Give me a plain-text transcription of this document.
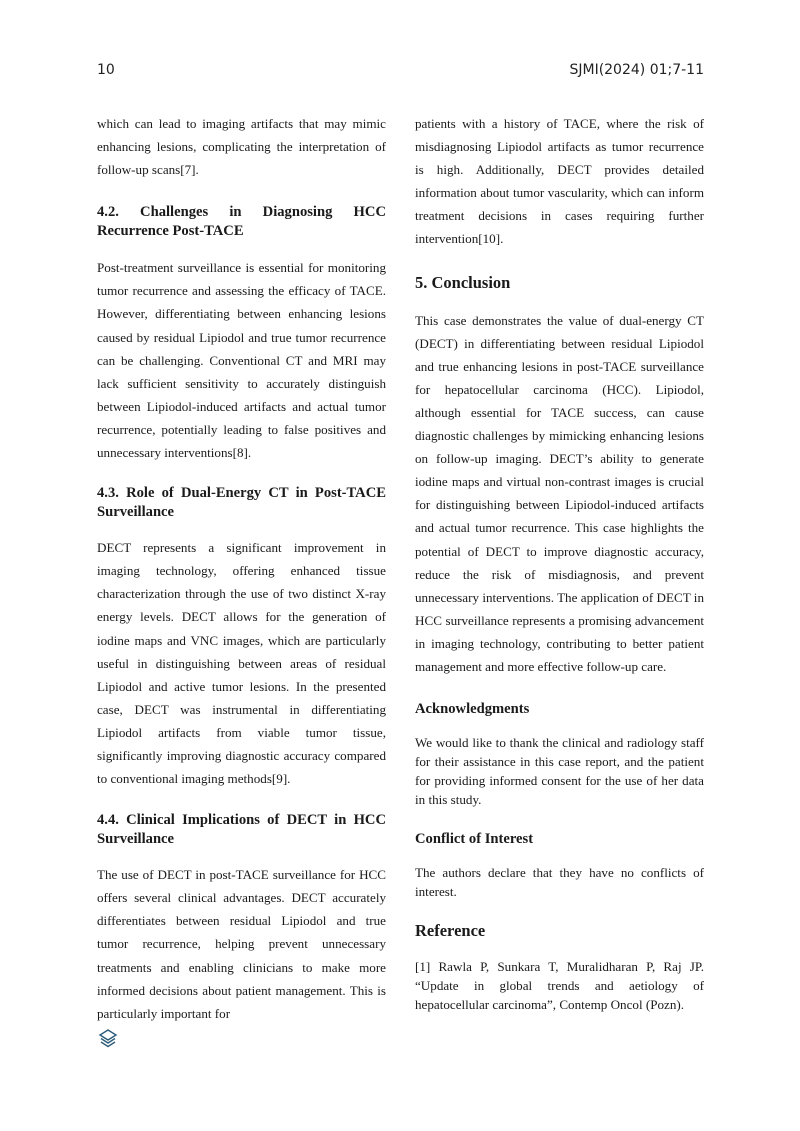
10	SJMI(2024) 01;7-11

which can lead to imaging artifacts that may mimic enhancing lesions, complicating the interpretation of follow-up scans[7].

4.2. Challenges in Diagnosing HCC
Recurrence Post-TACE

Post-treatment surveillance is essential for monitoring tumor recurrence and assessing the efficacy of TACE. However, differentiating between enhancing lesions caused by residual Lipiodol and true tumor recurrence can be challenging. Conventional CT and MRI may lack sufficient sensitivity to accurately distinguish between Lipiodol-induced artifacts and actual tumor recurrence, potentially leading to false positives and unnecessary interventions[8].

4.3. Role of Dual-Energy CT in Post-TACE
Surveillance

DECT represents a significant improvement in imaging technology, offering enhanced tissue characterization through the use of two distinct X-ray energy levels. DECT allows for the generation of iodine maps and VNC images, which are particularly useful in distinguishing between areas of residual Lipiodol and active tumor lesions. In the presented case, DECT was instrumental in differentiating Lipiodol artifacts from viable tumor tissue, significantly improving diagnostic accuracy compared to conventional imaging methods[9].

4.4. Clinical Implications of DECT in HCC
Surveillance

The use of DECT in post-TACE surveillance for HCC offers several clinical advantages. DECT accurately differentiates between residual Lipiodol and true tumor recurrence, helping prevent unnecessary treatments and enabling clinicians to make more informed decisions about patient management. This is particularly important for

patients with a history of TACE, where the risk of misdiagnosing Lipiodol artifacts as tumor recurrence is high. Additionally, DECT provides detailed information about tumor vascularity, which can inform treatment decisions in cases requiring further intervention[10].

5. Conclusion

This case demonstrates the value of dual-energy CT (DECT) in differentiating between residual Lipiodol and true enhancing lesions in post-TACE surveillance for hepatocellular carcinoma (HCC). Lipiodol, although essential for TACE success, can cause diagnostic challenges by mimicking enhancing lesions on follow-up imaging. DECT’s ability to generate iodine maps and virtual non-contrast images is crucial for distinguishing between Lipiodol-induced artifacts and actual tumor recurrence. This case highlights the potential of DECT to improve diagnostic accuracy, reduce the risk of misdiagnosis, and prevent unnecessary interventions. The application of DECT in HCC surveillance represents a promising advancement in imaging technology, contributing to better patient management and more effective follow-up care.

Acknowledgments

We would like to thank the clinical and radiology staff for their assistance in this case report, and the patient for providing informed consent for the use of her data in this study.

Conflict of Interest

The authors declare that they have no conflicts of interest.

Reference

[1] Rawla P, Sunkara T, Muralidharan P, Raj JP. “Update in global trends and aetiology of hepatocellular carcinoma”, Contemp Oncol (Pozn).
